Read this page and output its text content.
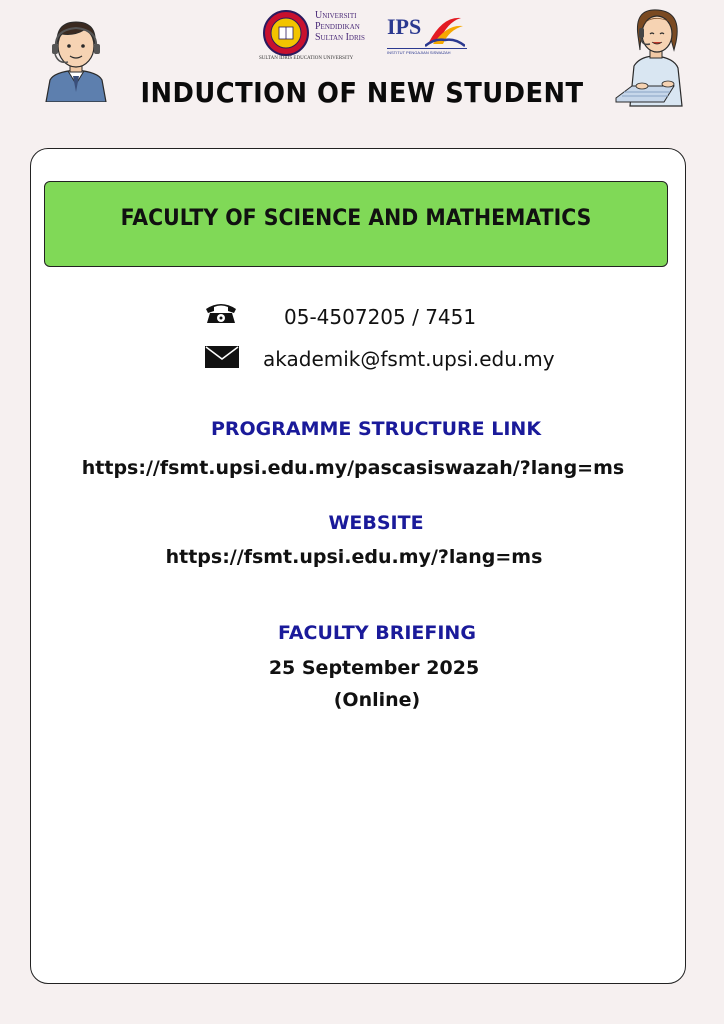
Universiti
Pendidikan
Sultan Idris
SULTAN IDRIS EDUCATION UNIVERSITY
IPS
INSTITUT PENGAJIAN SISWAZAH
INDUCTION OF NEW STUDENT
FACULTY OF SCIENCE AND MATHEMATICS
05-4507205 / 7451
akademik@fsmt.upsi.edu.my
PROGRAMME STRUCTURE LINK
https://fsmt.upsi.edu.my/pascasiswazah/?lang=ms
WEBSITE
https://fsmt.upsi.edu.my/?lang=ms
FACULTY BRIEFING
25 September 2025
(Online)
